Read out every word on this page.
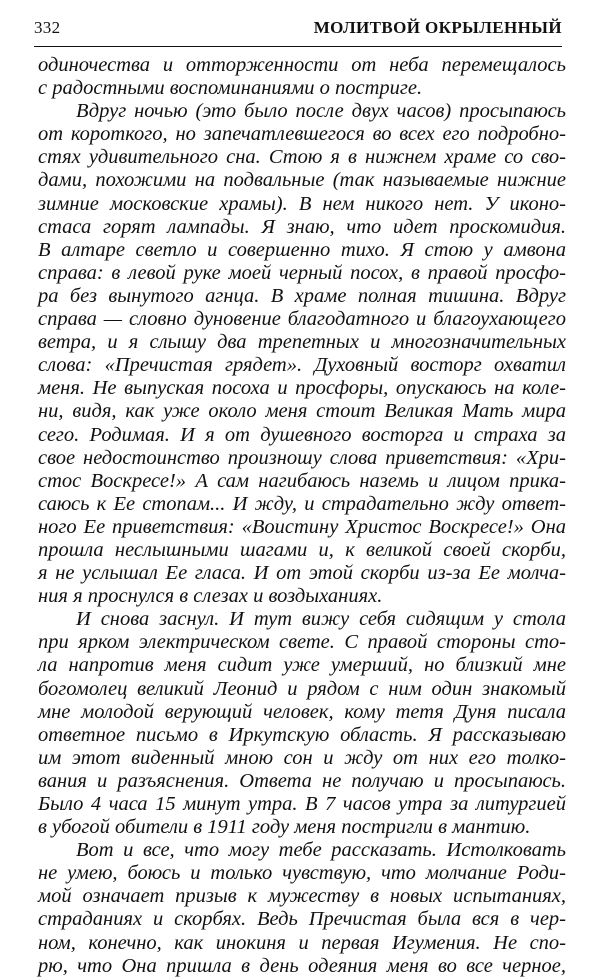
332	МОЛИТВОЙ ОКРЫЛЕННЫЙ
одиночества и отторженности от неба перемещалось
с радостными воспоминаниями о постриге.
Вдруг ночью (это было после двух часов) просыпаюсь
от короткого, но запечатлевшегося во всех его подробно-
стях удивительного сна. Стою я в нижнем храме со сво-
дами, похожими на подвальные (так называемые нижние
зимние московские храмы). В нем никого нет. У иконо-
стаса горят лампады. Я знаю, что идет проскомидия.
В алтаре светло и совершенно тихо. Я стою у амвона
справа: в левой руке моей черный посох, в правой просфо-
ра без вынутого агнца. В храме полная тишина. Вдруг
справа — словно дуновение благодатного и благоухающего
ветра, и я слышу два трепетных и многозначительных
слова: «Пречистая грядет». Духовный восторг охватил
меня. Не выпуская посоха и просфоры, опускаюсь на коле-
ни, видя, как уже около меня стоит Великая Мать мира
сего. Родимая. И я от душевного восторга и страха за
свое недостоинство произношу слова приветствия: «Хри-
стос Воскресе!» А сам нагибаюсь наземь и лицом прика-
саюсь к Ее стопам... И жду, и страдательно жду ответ-
ного Ее приветствия: «Воистину Христос Воскресе!» Она
прошла неслышными шагами и, к великой своей скорби,
я не услышал Ее гласа. И от этой скорби из-за Ее молча-
ния я проснулся в слезах и воздыханиях.
И снова заснул. И тут вижу себя сидящим у стола
при ярком электрическом свете. С правой стороны сто-
ла напротив меня сидит уже умерший, но близкий мне
богомолец великий Леонид и рядом с ним один знакомый
мне молодой верующий человек, кому тетя Дуня писала
ответное письмо в Иркутскую область. Я рассказываю
им этот виденный мною сон и жду от них его толко-
вания и разъяснения. Ответа не получаю и просыпаюсь.
Было 4 часа 15 минут утра. В 7 часов утра за литургией
в убогой обители в 1911 году меня постригли в мантию.
Вот и все, что могу тебе рассказать. Истолковать
не умею, боюсь и только чувствую, что молчание Роди-
мой означает призыв к мужеству в новых испытаниях,
страданиях и скорбях. Ведь Пречистая была вся в чер-
ном, конечно, как инокиня и первая Игумения. Не спо-
рю, что Она пришла в день одеяния меня во все черное,
